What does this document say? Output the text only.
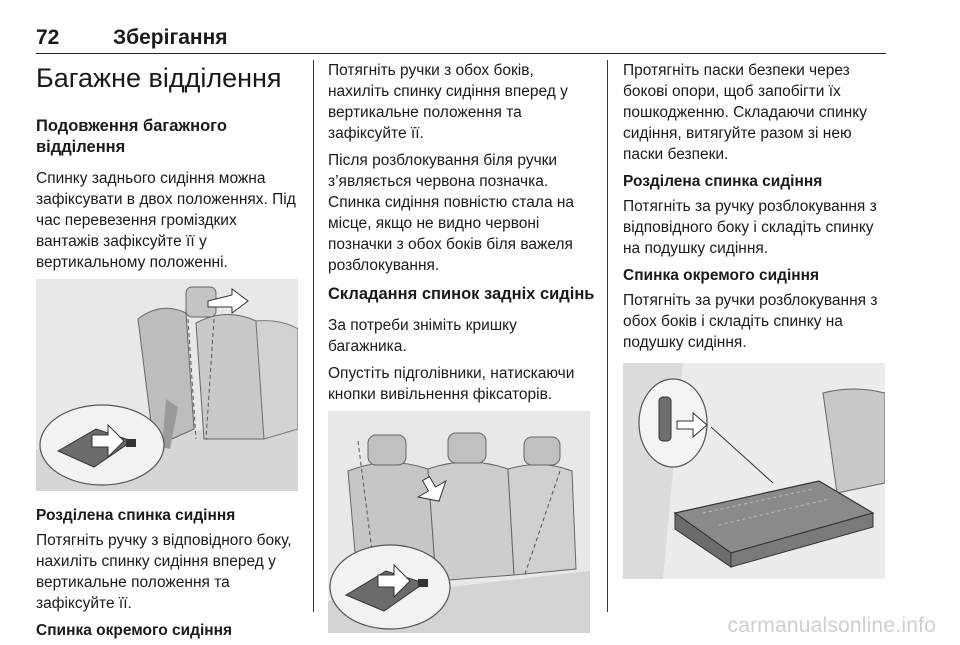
72	Зберігання
Багажне відділення
Подовження багажного відділення

Спинку заднього сидіння можна зафіксувати в двох положеннях. Під час перевезення громіздких вантажів зафіксуйте її у вертикальному положенні.

Розділена спинка сидіння

Потягніть ручку з відповідного боку, нахиліть спинку сидіння вперед у вертикальне положення та зафіксуйте її.

Спинка окремого сидіння

Потягніть ручки з обох боків, нахиліть спинку сидіння вперед у вертикальне положення та зафіксуйте її.

Після розблокування біля ручки з’являється червона позначка. Спинка сидіння повністю стала на місце, якщо не видно червоні позначки з обох боків біля важеля розблокування.

Складання спинок задніх сидінь

За потреби зніміть кришку багажника.

Опустіть підголівники, натискаючи кнопки вивільнення фіксаторів.

Протягніть паски безпеки через бокові опори, щоб запобігти їх пошкодженню. Складаючи спинку сидіння, витягуйте разом зі нею паски безпеки.

Розділена спинка сидіння

Потягніть за ручку розблокування з відповідного боку і складіть спинку на подушку сидіння.

Спинка окремого сидіння

Потягніть за ручки розблокування з обох боків і складіть спинку на подушку сидіння.

carmanualsonline.info
